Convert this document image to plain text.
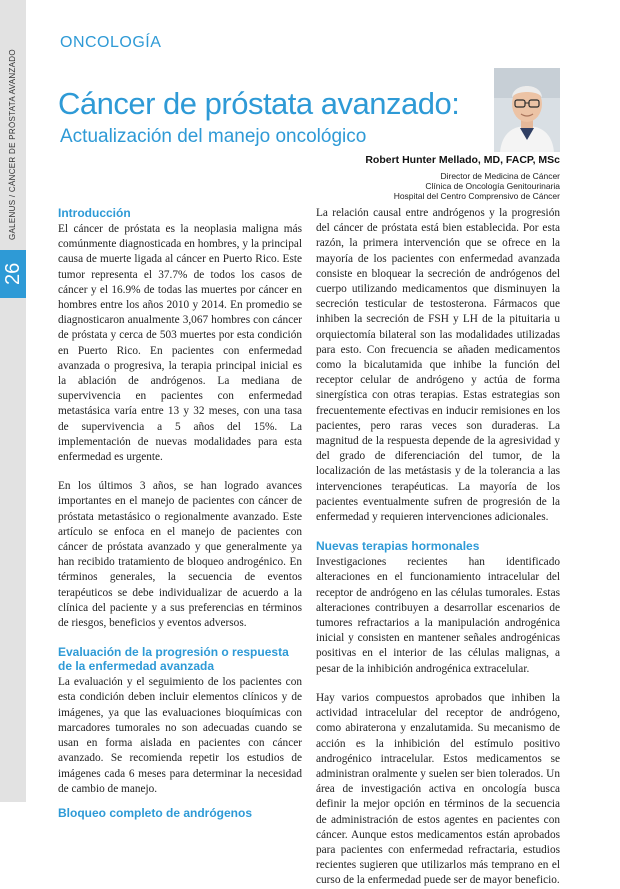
GALENUS / CÁNCER DE PRÓSTATA AVANZADO
26
ONCOLOGÍA
Cáncer de próstata avanzado:
Actualización del manejo oncológico
Robert Hunter Mellado, MD, FACP, MSc
Director de Medicina de Cáncer
Clínica de Oncología Genitourinaria
Hospital del Centro Comprensivo de Cáncer
Introducción

El cáncer de próstata es la neoplasia maligna más comúnmente diagnosticada en hombres, y la principal causa de muerte ligada al cáncer en Puerto Rico. Este tumor representa el 37.7% de todos los casos de cáncer y el 16.9% de todas las muertes por cáncer en hombres entre los años 2010 y 2014. En promedio se diagnosticaron anualmente 3,067 hombres con cáncer de próstata y cerca de 503 muertes por esta condición en Puerto Rico. En pacientes con enfermedad avanzada o progresiva, la terapia principal inicial es la ablación de andrógenos. La mediana de supervivencia en pacientes con enfermedad metastásica varía entre 13 y 32 meses, con una tasa de supervivencia a 5 años del 15%. La implementación de nuevas modalidades para esta enfermedad es urgente.

En los últimos 3 años, se han logrado avances importantes en el manejo de pacientes con cáncer de próstata metastásico o regionalmente avanzado. Este artículo se enfoca en el manejo de pacientes con cáncer de próstata avanzado y que generalmente ya han recibido tratamiento de bloqueo androgénico. En términos generales, la secuencia de eventos terapéuticos se debe individualizar de acuerdo a la clínica del paciente y a sus preferencias en términos de riesgos, beneficios y eventos adversos.

Evaluación de la progresión o respuesta de la enfermedad avanzada

La evaluación y el seguimiento de los pacientes con esta condición deben incluir elementos clínicos y de imágenes, ya que las evaluaciones bioquímicas con marcadores tumorales no son adecuadas cuando se usan en forma aislada en pacientes con cáncer avanzado. Se recomienda repetir los estudios de imágenes cada 6 meses para determinar la necesidad de cambio de manejo.

Bloqueo completo de andrógenos

La relación causal entre andrógenos y la progresión del cáncer de próstata está bien establecida. Por esta razón, la primera intervención que se ofrece en la mayoría de los pacientes con enfermedad avanzada consiste en bloquear la secreción de andrógenos del cuerpo utilizando medicamentos que disminuyen la secreción testicular de testosterona. Fármacos que inhiben la secreción de FSH y LH de la pituitaria u orquiectomía bilateral son las modalidades utilizadas para esto. Con frecuencia se añaden medicamentos como la bicalutamida que inhibe la función del receptor celular de andrógeno y actúa de forma sinergística con otras terapias. Estas estrategias son frecuentemente efectivas en inducir remisiones en los pacientes, pero raras veces son duraderas. La magnitud de la respuesta depende de la agresividad y del grado de diferenciación del tumor, de la localización de las metástasis y de la tolerancia a las intervenciones terapéuticas. La mayoría de los pacientes eventualmente sufren de progresión de la enfermedad y requieren intervenciones adicionales.

Nuevas terapias hormonales

Investigaciones recientes han identificado alteraciones en el funcionamiento intracelular del receptor de andrógeno en las células tumorales. Estas alteraciones contribuyen a desarrollar escenarios de tumores refractarios a la manipulación androgénica inicial y consisten en mantener señales androgénicas positivas en el interior de las células malignas, a pesar de la inhibición androgénica extracelular.

Hay varios compuestos aprobados que inhiben la actividad intracelular del receptor de andrógeno, como abiraterona y enzalutamida. Su mecanismo de acción es la inhibición del estímulo positivo androgénico intracelular. Estos medicamentos se administran oralmente y suelen ser bien tolerados. Un área de investigación activa en oncología busca definir la mejor opción en términos de la secuencia de administración de estos agentes en pacientes con cáncer. Aunque estos medicamentos están aprobados para pacientes con enfermedad refractaria, estudios recientes sugieren que utilizarlos más temprano en el curso de la enfermedad puede ser de mayor beneficio.
